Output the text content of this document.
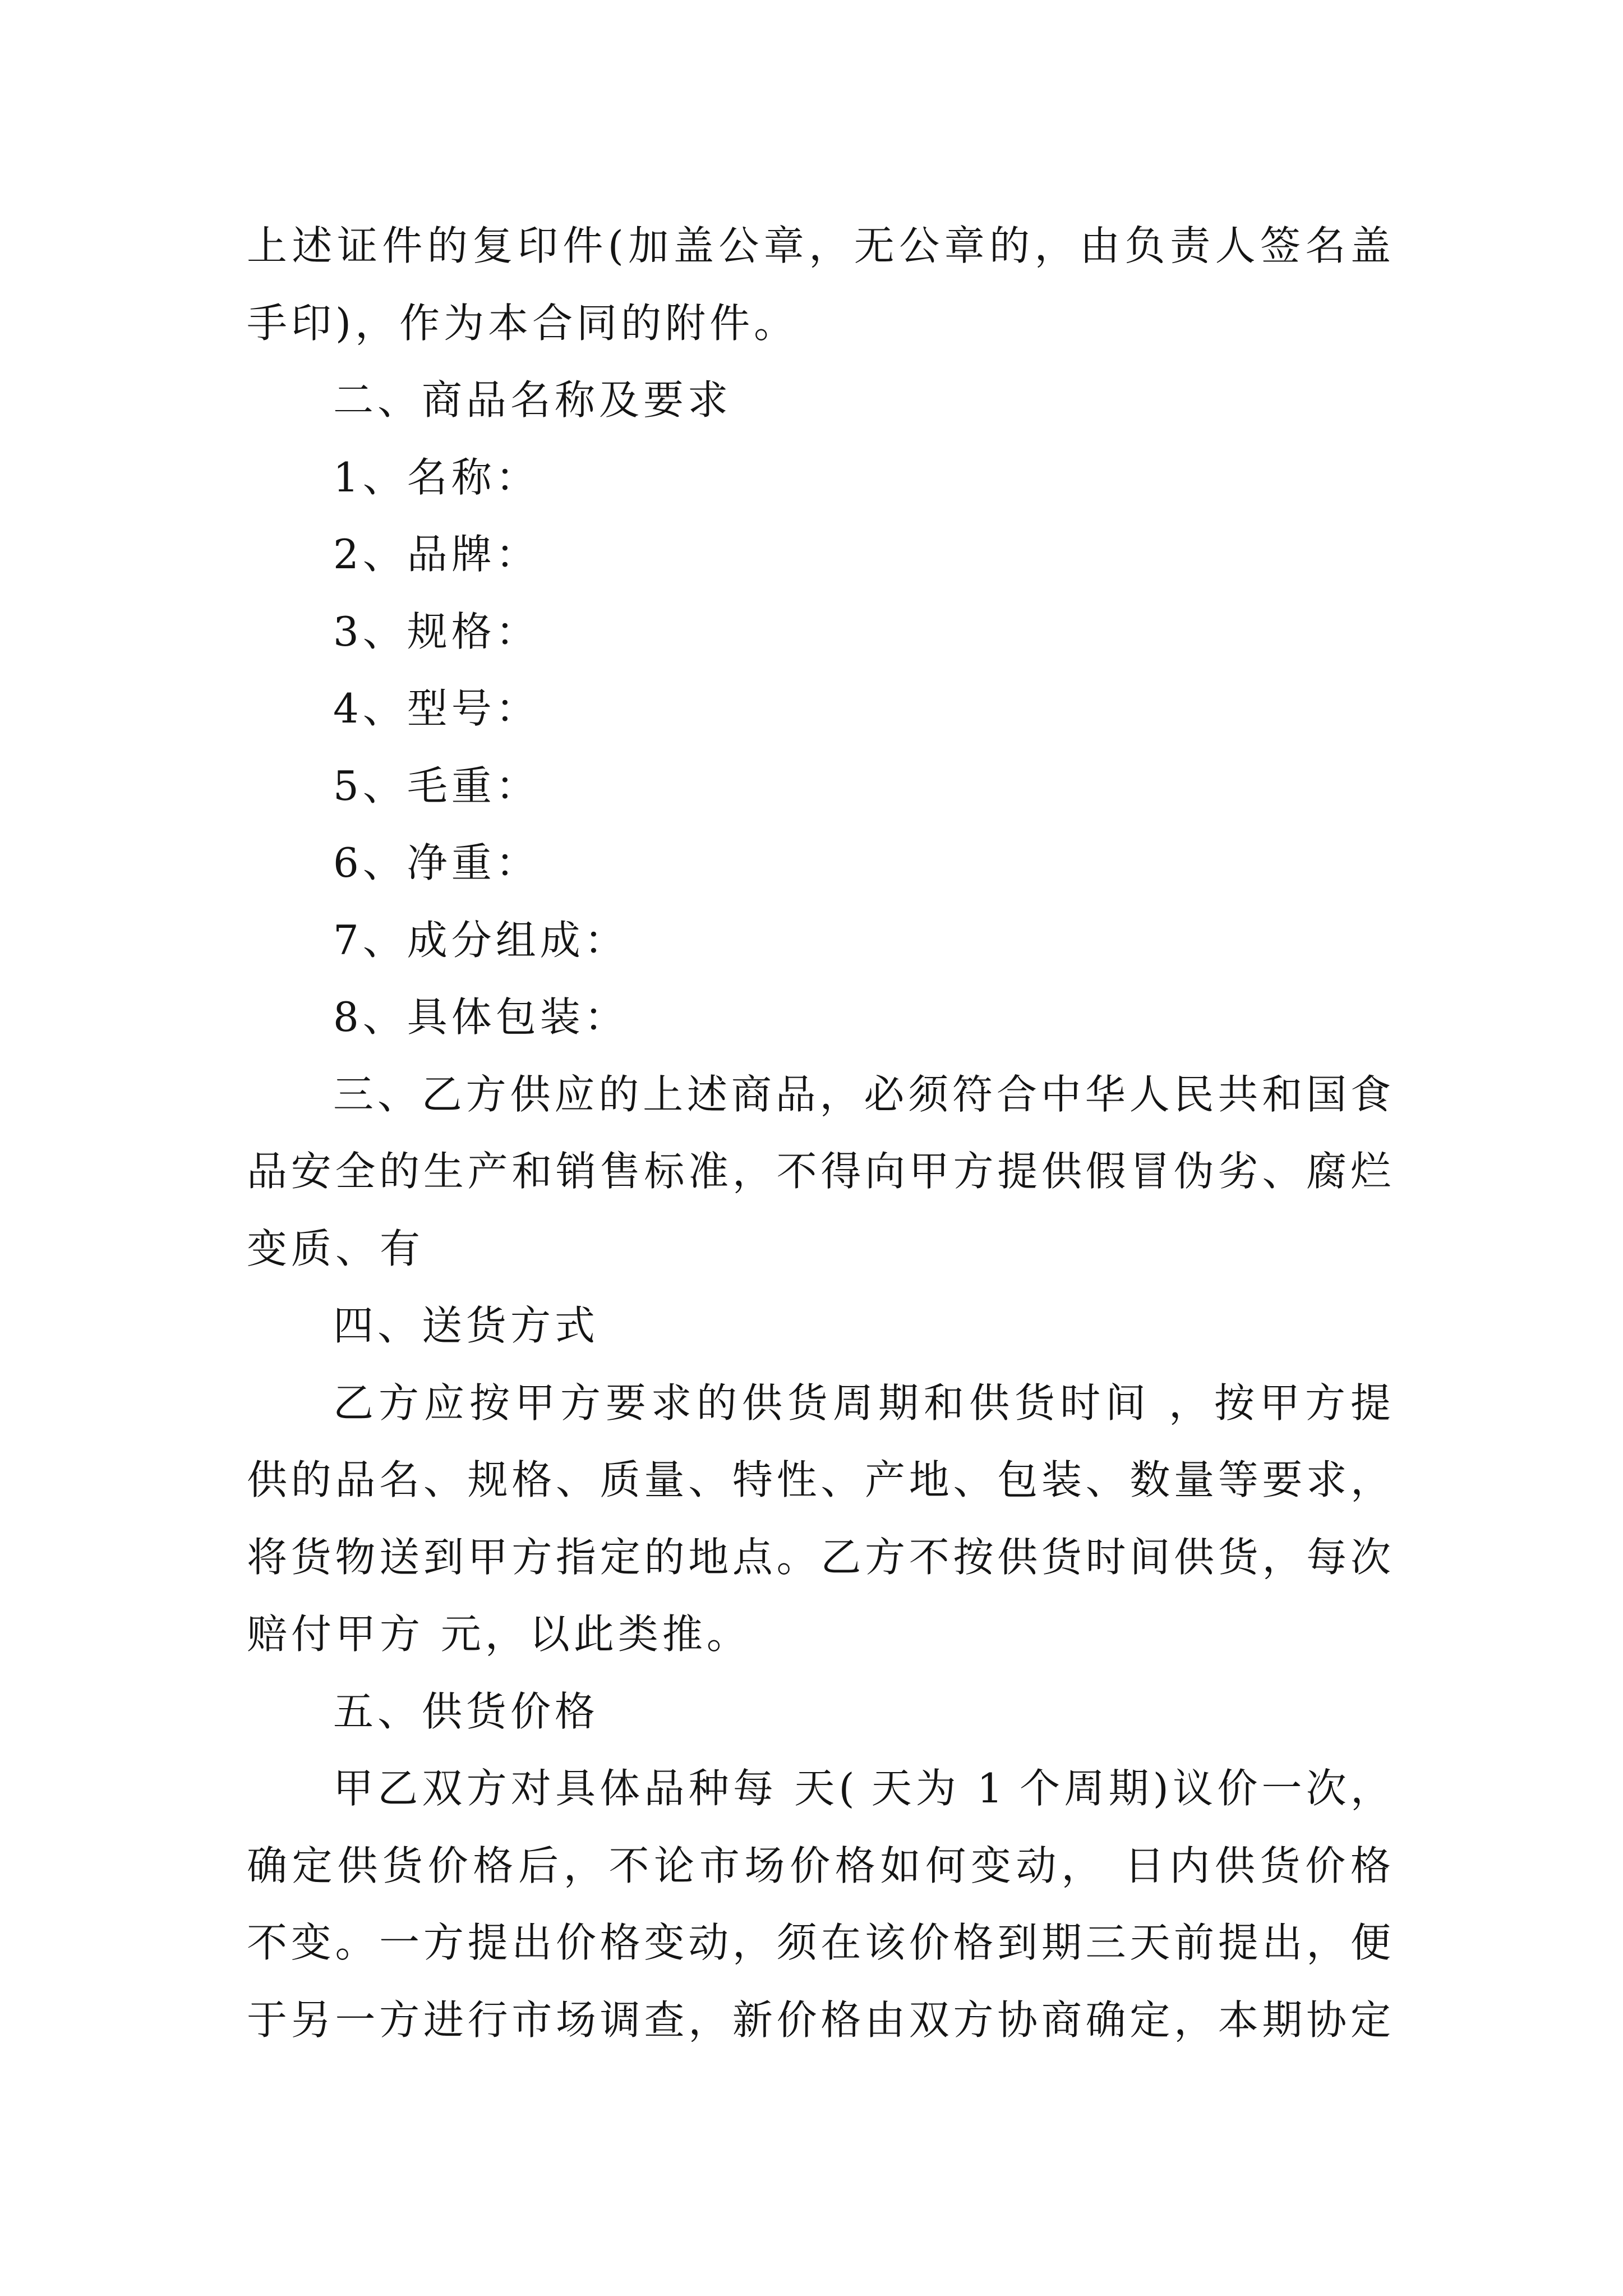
上述证件的复印件(加盖公章，无公章的，由负责人签名盖
手印)，作为本合同的附件。
二、商品名称及要求
1、名称：
2、品牌：
3、规格：
4、型号：
5、毛重：
6、净重：
7、成分组成：
8、具体包装：
三、乙方供应的上述商品，必须符合中华人民共和国食
品安全的生产和销售标准，不得向甲方提供假冒伪劣、腐烂
变质、有
四、送货方式
乙方应按甲方要求的供货周期和供货时间 ，按甲方提
供的品名、规格、质量、特性、产地、包装、数量等要求，
将货物送到甲方指定的地点。乙方不按供货时间供货，每次
赔付甲方 元，以此类推。
五、供货价格
甲乙双方对具体品种每 天( 天为 1 个周期)议价一次，
确定供货价格后，不论市场价格如何变动， 日内供货价格
不变。一方提出价格变动，须在该价格到期三天前提出，便
于另一方进行市场调查，新价格由双方协商确定，本期协定
